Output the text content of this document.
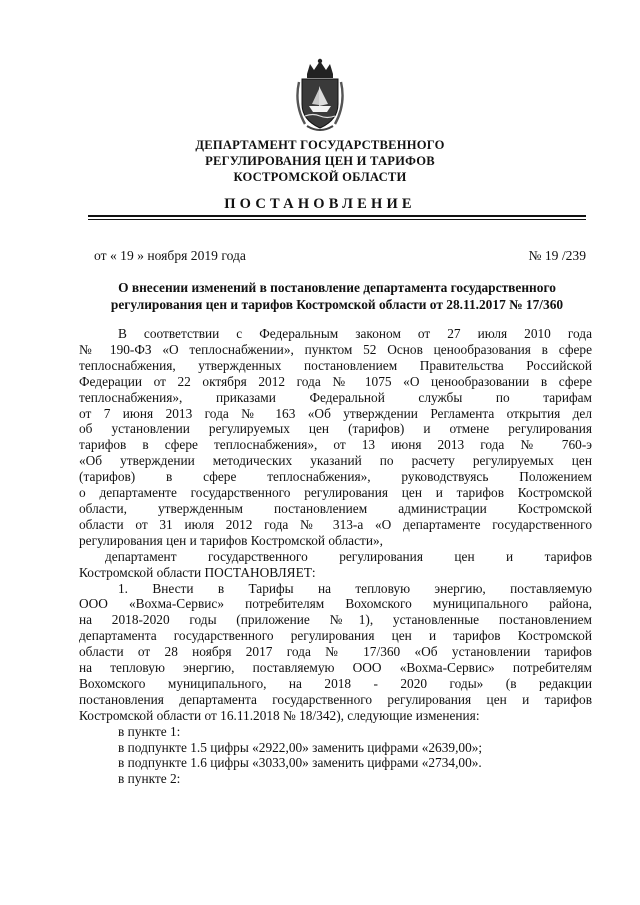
ДЕПАРТАМЕНТ ГОСУДАРСТВЕННОГО
РЕГУЛИРОВАНИЯ ЦЕН И ТАРИФОВ
КОСТРОМСКОЙ ОБЛАСТИ
ПОСТАНОВЛЕНИЕ
от « 19 » ноября 2019 года	№ 19 /239
О внесении изменений в постановление департамента государственного
регулирования цен и тарифов Костромской области от 28.11.2017 № 17/360

В соответствии с Федеральным законом от 27 июля 2010 года

№ 190-ФЗ «О теплоснабжении», пунктом 52 Основ ценообразования в сфере

теплоснабжения, утвержденных постановлением Правительства Российской

Федерации от 22 октября 2012 года № 1075 «О ценообразовании в сфере

теплоснабжения», приказами Федеральной службы по тарифам

от 7 июня 2013 года № 163 «Об утверждении Регламента открытия дел

об установлении регулируемых цен (тарифов) и отмене регулирования

тарифов в сфере теплоснабжения», от 13 июня 2013 года № 760-э

«Об утверждении методических указаний по расчету регулируемых цен

(тарифов) в сфере теплоснабжения», руководствуясь Положением

о департаменте государственного регулирования цен и тарифов Костромской

области, утвержденным постановлением администрации Костромской

области от 31 июля 2012 года № 313-а «О департаменте государственного

регулирования цен и тарифов Костромской области»,

департамент государственного регулирования цен и тарифов

Костромской области ПОСТАНОВЛЯЕТ:

1. Внести в Тарифы на тепловую энергию, поставляемую

ООО «Вохма-Сервис» потребителям Вохомского муниципального района,

на 2018-2020 годы (приложение №1), установленные постановлением

департамента государственного регулирования цен и тарифов Костромской

области от 28 ноября 2017 года № 17/360 «Об установлении тарифов

на тепловую энергию, поставляемую ООО «Вохма-Сервис» потребителям

Вохомского муниципального, на 2018 - 2020 годы» (в редакции

постановления департамента государственного регулирования цен и тарифов

Костромской области от 16.11.2018 № 18/342), следующие изменения:

в пункте 1:

в подпункте 1.5 цифры «2922,00» заменить цифрами «2639,00»;

в подпункте 1.6 цифры «3033,00» заменить цифрами «2734,00».

в пункте 2:
